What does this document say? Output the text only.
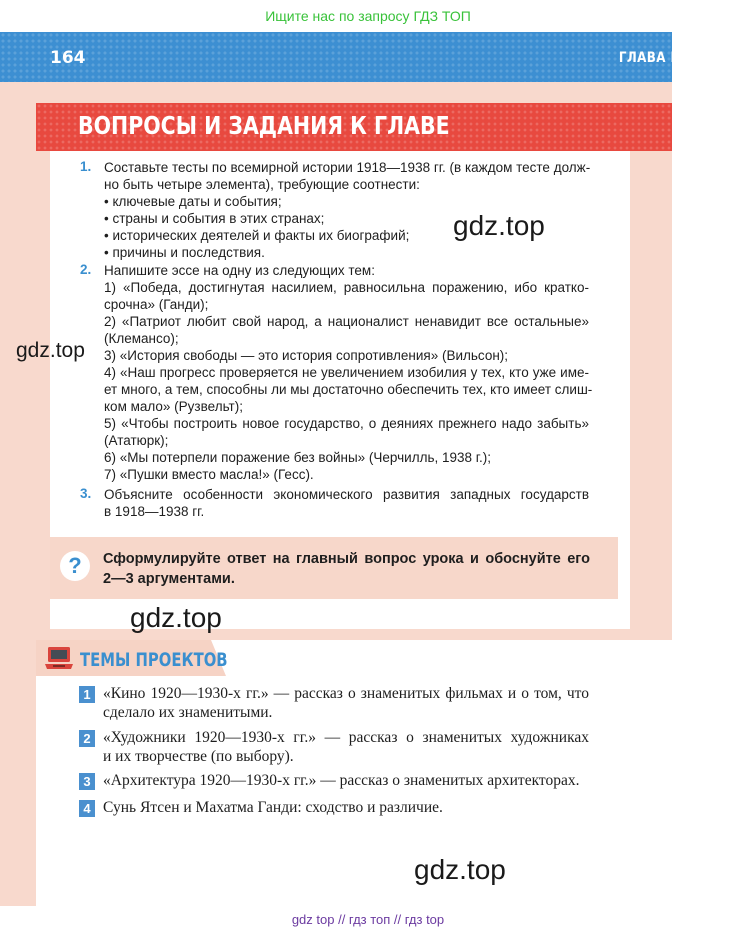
Ищите нас по запросу ГДЗ ТОП
164	ГЛАВА II
ВОПРОСЫ И ЗАДАНИЯ К ГЛАВЕ
1. Составьте тесты по всемирной истории 1918—1938 гг. (в каждом тесте долж-
но быть четыре элемента), требующие соотнести:
• ключевые даты и события;
• страны и события в этих странах;
• исторических деятелей и факты их биографий;
• причины и последствия.
2. Напишите эссе на одну из следующих тем:
1) «Победа, достигнутая насилием, равносильна поражению, ибо кратко-
срочна» (Ганди);
2) «Патриот любит свой народ, а националист ненавидит все остальные»
(Клемансо);
3) «История свободы — это история сопротивления» (Вильсон);
4) «Наш прогресс проверяется не увеличением изобилия у тех, кто уже име-
ет много, а тем, способны ли мы достаточно обеспечить тех, кто имеет слиш-
ком мало» (Рузвельт);
5) «Чтобы построить новое государство, о деяниях прежнего надо забыть»
(Ататюрк);
6) «Мы потерпели поражение без войны» (Черчилль, 1938 г.);
7) «Пушки вместо масла!» (Гесс).
3. Объясните особенности экономического развития западных государств
в 1918—1938 гг.
?	Сформулируйте ответ на главный вопрос урока и обоснуйте его
2—3 аргументами.
ТЕМЫ ПРОЕКТОВ
1 «Кино 1920—1930-х гг.» — рассказ о знаменитых фильмах и о том, что
сделало их знаменитыми.
2 «Художники 1920—1930-х гг.» — рассказ о знаменитых художниках
и их творчестве (по выбору).
3 «Архитектура 1920—1930-х гг.» — рассказ о знаменитых архитекторах.
4 Сунь Ятсен и Махатма Ганди: сходство и различие.
gdz.top
gdz.top
gdz.top
gdz.top
gdz top // гдз топ // гдз top
